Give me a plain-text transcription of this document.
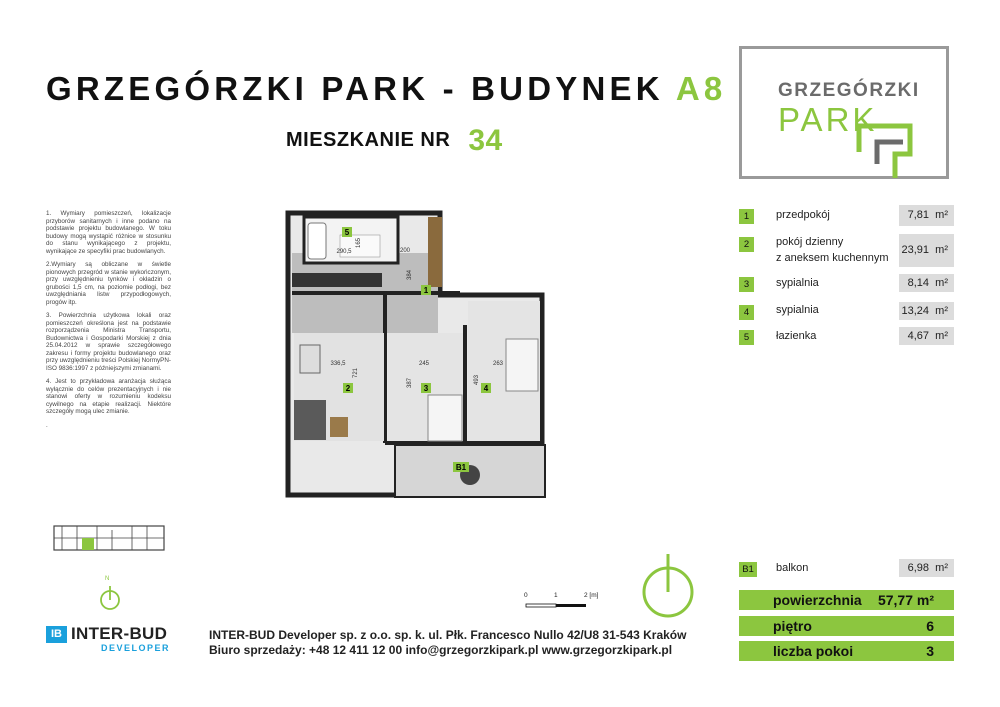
GRZEGÓRZKI PARK - BUDYNEK A8
MIESZKANIE NR 34
GRZEGÓRZKI
PARK

1. Wymiary pomieszczeń, lokalizacje przyborów sanitarnych i inne podano na podstawie projektu budowlanego. W toku budowy mogą wystąpić różnice w stosunku do stanu wynikającego z projektu, wynikające ze specyfiki prac budowlanych.

2.Wymiary są obliczane w świetle pionowych przegród w stanie wykończonym, przy uwzględnieniu tynków i okładzin o grubości 1,5 cm, na poziomie podłogi, bez uwzględniania listw przypodłogowych, progów itp.

3. Powierzchnia użytkowa lokali oraz pomieszczeń określona jest na podstawie rozporządzenia Ministra Transportu, Budownictwa i Gospodarki Morskiej z dnia 25.04.2012 w sprawie szczegółowego zakresu i formy projektu budowlanego oraz przy uwzględnieniu treści Polskiej NormyPN-ISO 9836:1997 z późniejszymi zmianami.

4. Jest to przykładowa aranżacja służąca wyłącznie do celów prezentacyjnych i nie stanowi oferty w rozumieniu kodeksu cywilnego na etapie realizacji. Niektóre szczegóły mogą ulec zmianie.

.

5
1
2	3	4
B1
290,5
165
200
384
336,5
721
245
387	493
263
1	przedpokój	7,81 m²
2	pokój dzienny
z aneksem kuchennym
23,91 m²
3	sypialnia	8,14 m²
4	sypialnia	13,24 m²
5	łazienka	4,67 m²
B1 balkon	6,98 m²
powierzchnia 57,77 m²
piętro	6
liczba pokoi	3
N
0	1	2 [m]
IB INTER-BUD
DEVELOPER
INTER-BUD Developer sp. z o.o. sp. k. ul. Płk. Francesco Nullo 42/U8 31-543 Kraków
Biuro sprzedaży: +48 12 411 12 00 info@grzegorzkipark.pl www.grzegorzkipark.pl
